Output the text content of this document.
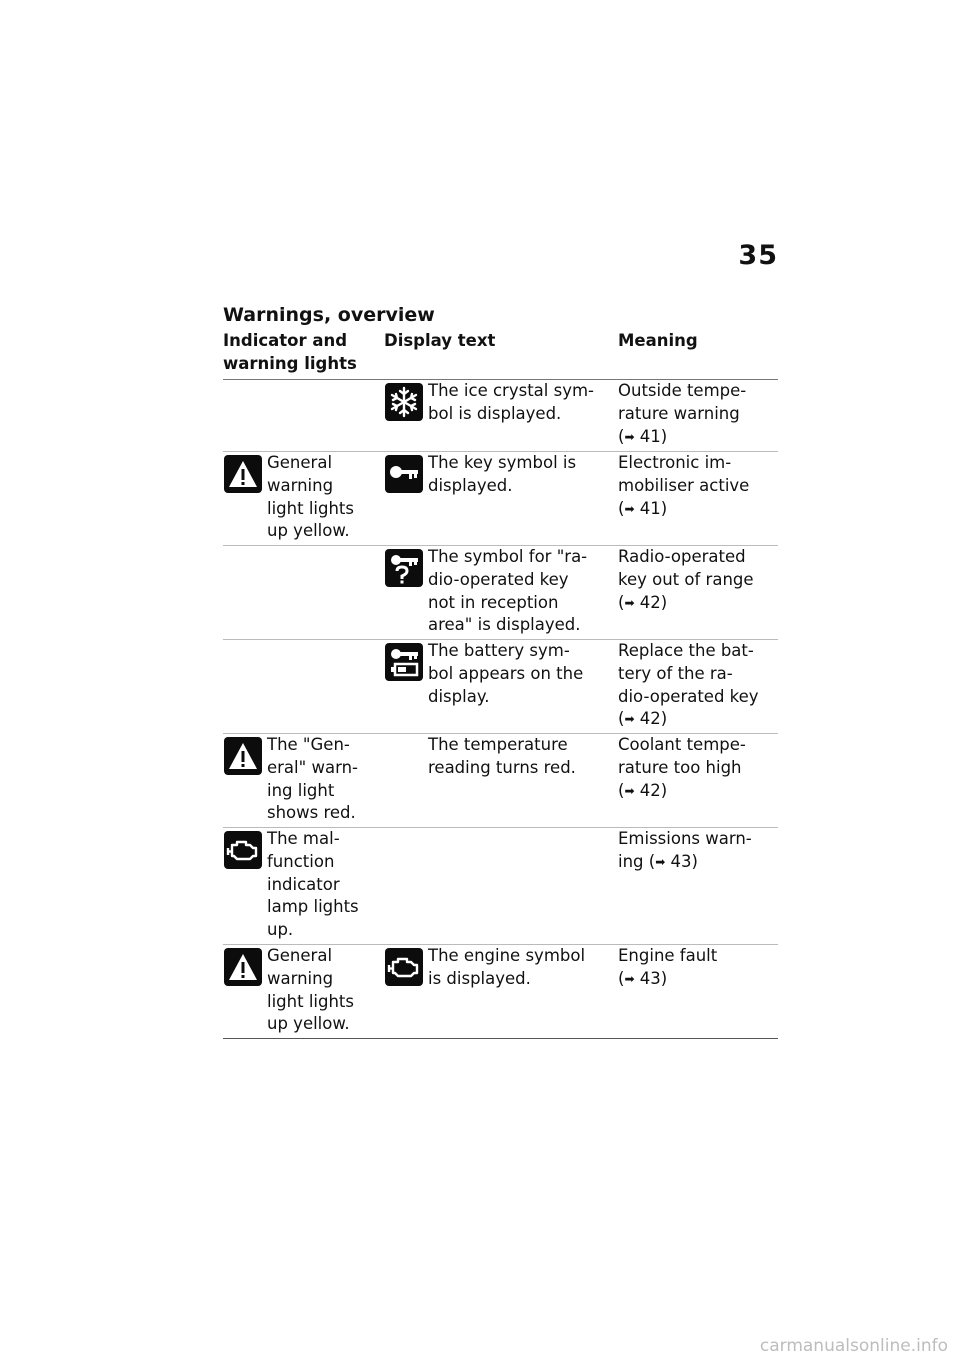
35
Warnings, overview
Indicator and
warning lights
Display text	Meaning
The ice crystal sym-
bol is displayed.
Outside tempe-
rature warning
(➡ 41)
General
warning
light lights
up yellow.
The key symbol is
displayed.
Electronic im-
mobiliser active
(➡ 41)
The symbol for "ra-
dio-operated key
not in reception
area" is displayed.
Radio-operated
key out of range
(➡ 42)
The battery sym-
bol appears on the
display.
Replace the bat-
tery of the ra-
dio-operated key
(➡ 42)
The "Gen-
eral" warn-
ing light
shows red.
The temperature
reading turns red.
Coolant tempe-
rature too high
(➡ 42)
The mal-
function
indicator
lamp lights
up.
Emissions warn-
ing (➡ 43)
General
warning
light lights
up yellow.
The engine symbol
is displayed.
Engine fault
(➡ 43)
carmanualsonline.info
